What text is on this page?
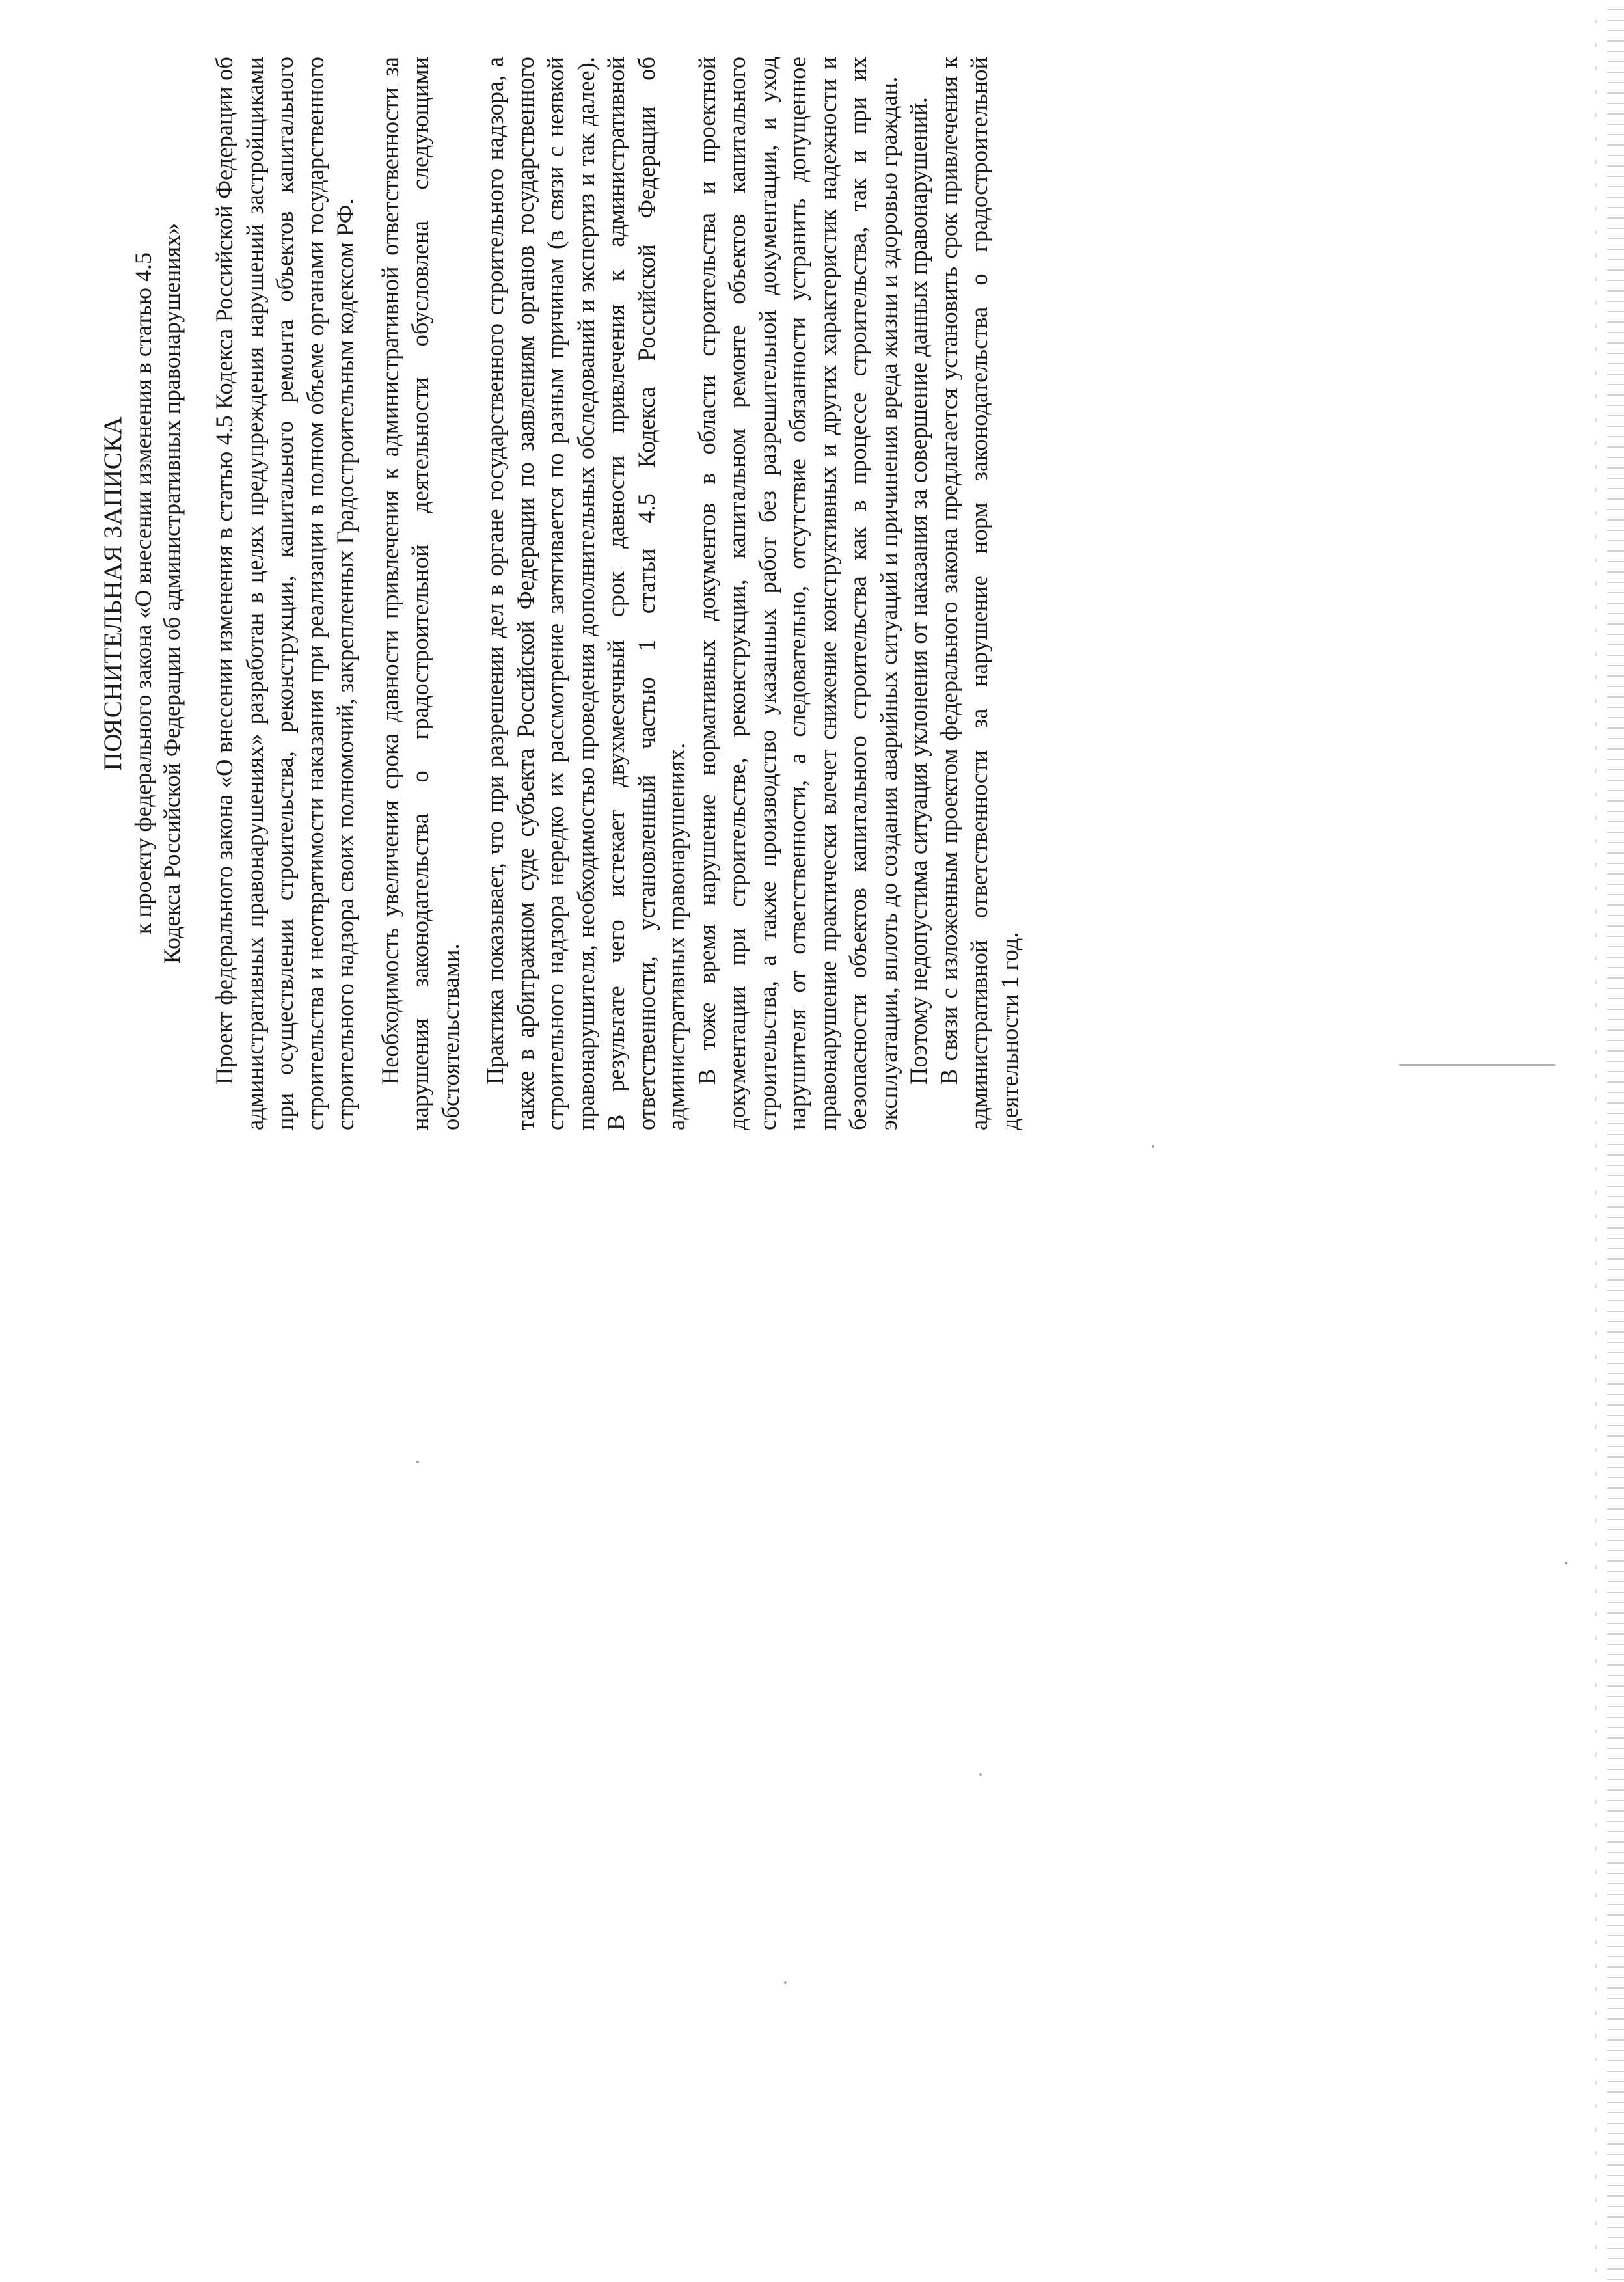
ПОЯСНИТЕЛЬНАЯ ЗАПИСКА к проекту федерального закона «О внесении изменения в статью 4.5 Кодекса Российской Федерации об административных правонарушениях» Проект федерального закона «О внесении изменения в статью 4.5 Кодекса Российской Федерации об административных правонарушениях» разработан в целях предупреждения нарушений застройщиками при осуществлении строительства, реконструкции, капитального ремонта объектов капитального строительства и неотвратимости наказания при реализации в полном объеме органами государственного строительного надзора своих полномочий, закрепленных Градостроительным кодексом РФ. Необходимость увеличения срока давности привлечения к административной ответственности за нарушения законодательства о градостроительной деятельности обусловлена следующими обстоятельствами. Практика показывает, что при разрешении дел в органе государственного строительного надзора, а также в арбитражном суде субъекта Российской Федерации по заявлениям органов государственного строительного надзора нередко их рассмотрение затягивается по разным причинам (в связи с неявкой правонарушителя, необходимостью проведения дополнительных обследований и экспертиз и так далее). В результате чего истекает двухмесячный срок давности привлечения к административной ответственности, установленный частью 1 статьи 4.5 Кодекса Российской Федерации об административных правонарушениях. В тоже время нарушение нормативных документов в области строительства и проектной документации при строительстве, реконструкции, капитальном ремонте объектов капитального строительства, а также производство указанных работ без разрешительной документации, и уход нарушителя от ответственности, а следовательно, отсутствие обязанности устранить допущенное правонарушение практически влечет снижение конструктивных и других характеристик надежности и безопасности объектов капитального строительства как в процессе строительства, так и при их эксплуатации, вплоть до создания аварийных ситуаций и причинения вреда жизни и здоровью граждан. Поэтому недопустима ситуация уклонения от наказания за совершение данных правонарушений. В связи с изложенным проектом федерального закона предлагается установить срок привлечения к административной ответственности за нарушение норм законодательства о градостроительной деятельности 1 год.
